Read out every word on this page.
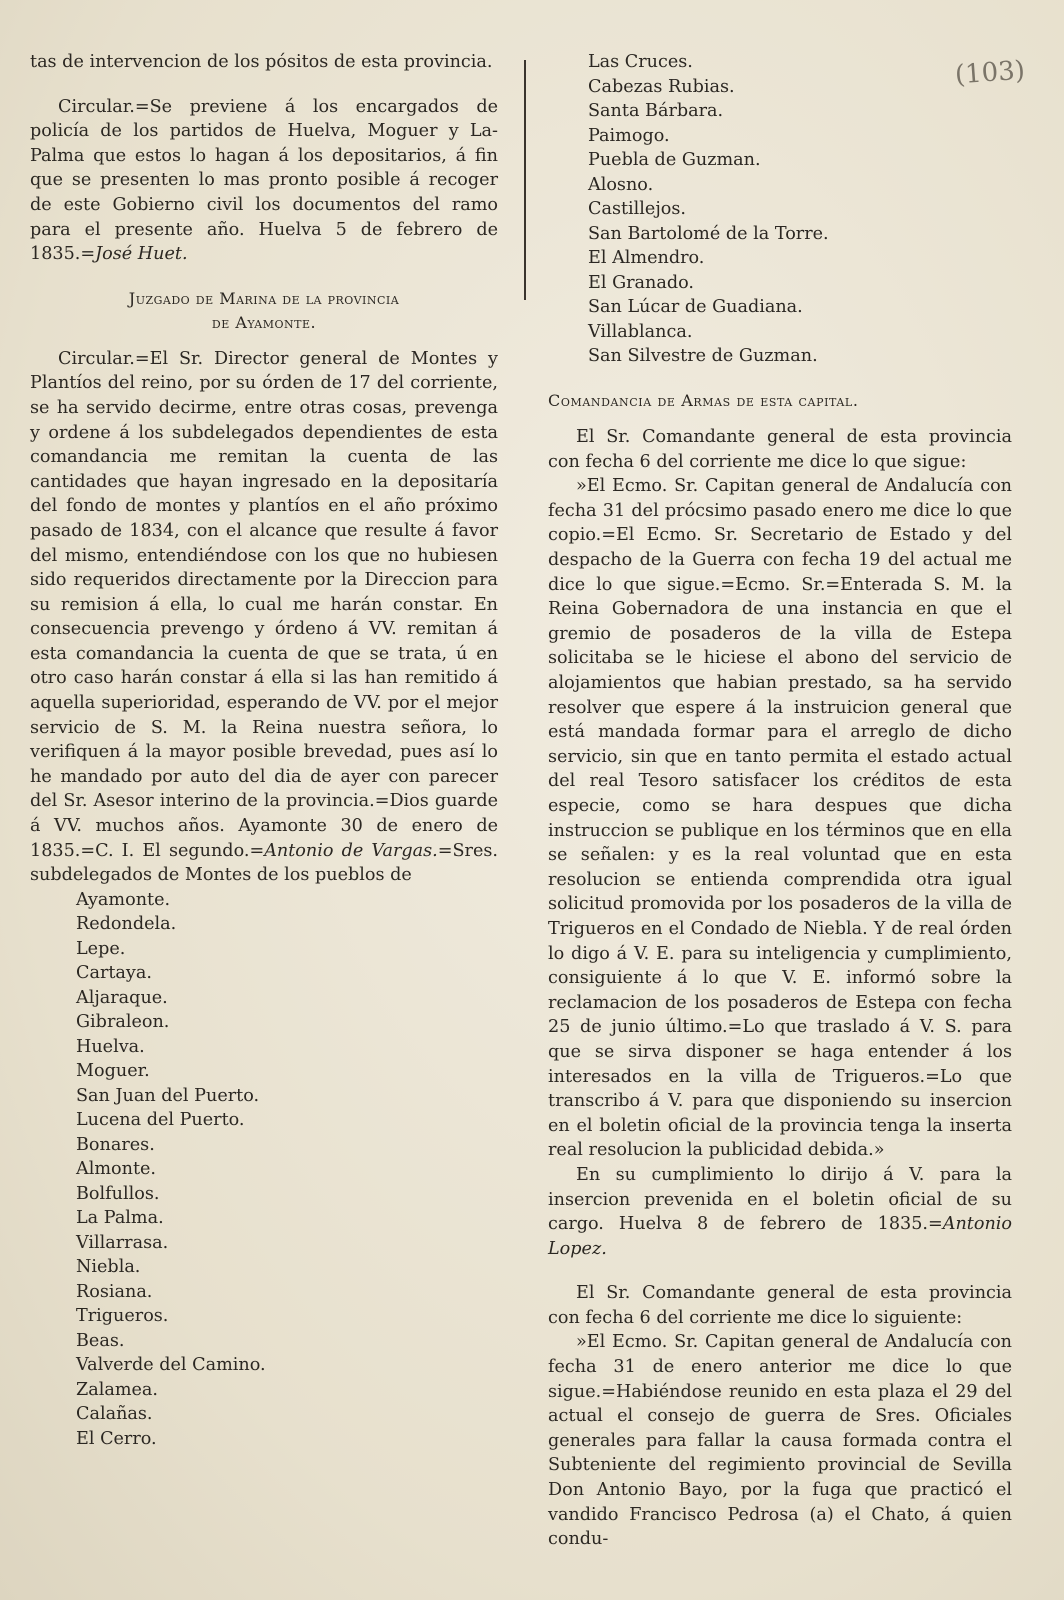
(103)

tas de intervencion de los pósitos de esta provincia.

Circular.=Se previene á los encargados de policía de los partidos de Huelva, Moguer y La-Palma que estos lo hagan á los depositarios, á fin que se presenten lo mas pronto posible á recoger de este Gobierno civil los documentos del ramo para el presente año. Huelva 5 de febrero de 1835.=José Huet.

Juzgado de Marina de la provincia
de Ayamonte.

Circular.=El Sr. Director general de Montes y Plantíos del reino, por su órden de 17 del corriente, se ha servido decirme, entre otras cosas, prevenga y ordene á los subdelegados dependientes de esta comandancia me remitan la cuenta de las cantidades que hayan ingresado en la depositaría del fondo de montes y plantíos en el año próximo pasado de 1834, con el alcance que resulte á favor del mismo, entendiéndose con los que no hubiesen sido requeridos directamente por la Direccion para su remision á ella, lo cual me harán constar. En consecuencia prevengo y órdeno á VV. remitan á esta comandancia la cuenta de que se trata, ú en otro caso harán constar á ella si las han remitido á aquella superioridad, esperando de VV. por el mejor servicio de S. M. la Reina nuestra señora, lo verifiquen á la mayor posible brevedad, pues así lo he mandado por auto del dia de ayer con parecer del Sr. Asesor interino de la provincia.=Dios guarde á VV. muchos años. Ayamonte 30 de enero de 1835.=C. I. El segundo.=Antonio de Vargas.=Sres. subdelegados de Montes de los pueblos de

Ayamonte.
Redondela.
Lepe.
Cartaya.
Aljaraque.
Gibraleon.
Huelva.
Moguer.
San Juan del Puerto.
Lucena del Puerto.
Bonares.
Almonte.
Bolfullos.
La Palma.
Villarrasa.
Niebla.
Rosiana.
Trigueros.
Beas.
Valverde del Camino.
Zalamea.
Calañas.
El Cerro.
Las Cruces.
Cabezas Rubias.
Santa Bárbara.
Paimogo.
Puebla de Guzman.
Alosno.
Castillejos.
San Bartolomé de la Torre.
El Almendro.
El Granado.
San Lúcar de Guadiana.
Villablanca.
San Silvestre de Guzman.
Comandancia de Armas de esta capital.

El Sr. Comandante general de esta provincia con fecha 6 del corriente me dice lo que sigue:

»El Ecmo. Sr. Capitan general de Andalucía con fecha 31 del prócsimo pasado enero me dice lo que copio.=El Ecmo. Sr. Secretario de Estado y del despacho de la Guerra con fecha 19 del actual me dice lo que sigue.=Ecmo. Sr.=Enterada S. M. la Reina Gobernadora de una instancia en que el gremio de posaderos de la villa de Estepa solicitaba se le hiciese el abono del servicio de alojamientos que habian prestado, sa ha servido resolver que espere á la instruicion general que está mandada formar para el arreglo de dicho servicio, sin que en tanto permita el estado actual del real Tesoro satisfacer los créditos de esta especie, como se hara despues que dicha instruccion se publique en los términos que en ella se señalen: y es la real voluntad que en esta resolucion se entienda comprendida otra igual solicitud promovida por los posaderos de la villa de Trigueros en el Condado de Niebla. Y de real órden lo digo á V. E. para su inteligencia y cumplimiento, consiguiente á lo que V. E. informó sobre la reclamacion de los posaderos de Estepa con fecha 25 de junio último.=Lo que traslado á V. S. para que se sirva disponer se haga entender á los interesados en la villa de Trigueros.=Lo que transcribo á V. para que disponiendo su insercion en el boletin oficial de la provincia tenga la inserta real resolucion la publicidad debida.»

En su cumplimiento lo dirijo á V. para la insercion prevenida en el boletin oficial de su cargo. Huelva 8 de febrero de 1835.=Antonio Lopez.

El Sr. Comandante general de esta provincia con fecha 6 del corriente me dice lo siguiente:

»El Ecmo. Sr. Capitan general de Andalucía con fecha 31 de enero anterior me dice lo que sigue.=Habiéndose reunido en esta plaza el 29 del actual el consejo de guerra de Sres. Oficiales generales para fallar la causa formada contra el Subteniente del regimiento provincial de Sevilla Don Antonio Bayo, por la fuga que practicó el vandido Francisco Pedrosa (a) el Chato, á quien condu-
